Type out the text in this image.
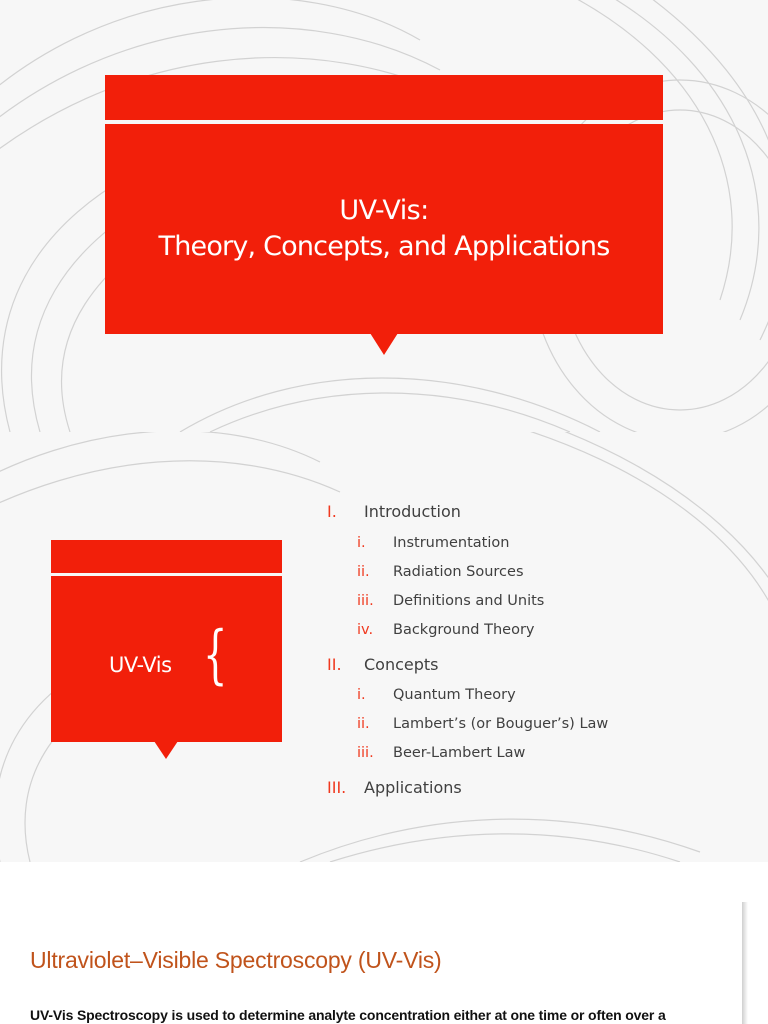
UV-Vis:
Theory, Concepts, and Applications
UV-Vis {
I. Introduction
i. Instrumentation
ii. Radiation Sources
iii. Definitions and Units
iv. Background Theory
II. Concepts
i. Quantum Theory
ii. Lambert’s (or Bouguer’s) Law
iii. Beer-Lambert Law
III. Applications
Ultraviolet–Visible Spectroscopy (UV-Vis)
UV-Vis Spectroscopy is used to determine analyte concentration either at one time or often over a
